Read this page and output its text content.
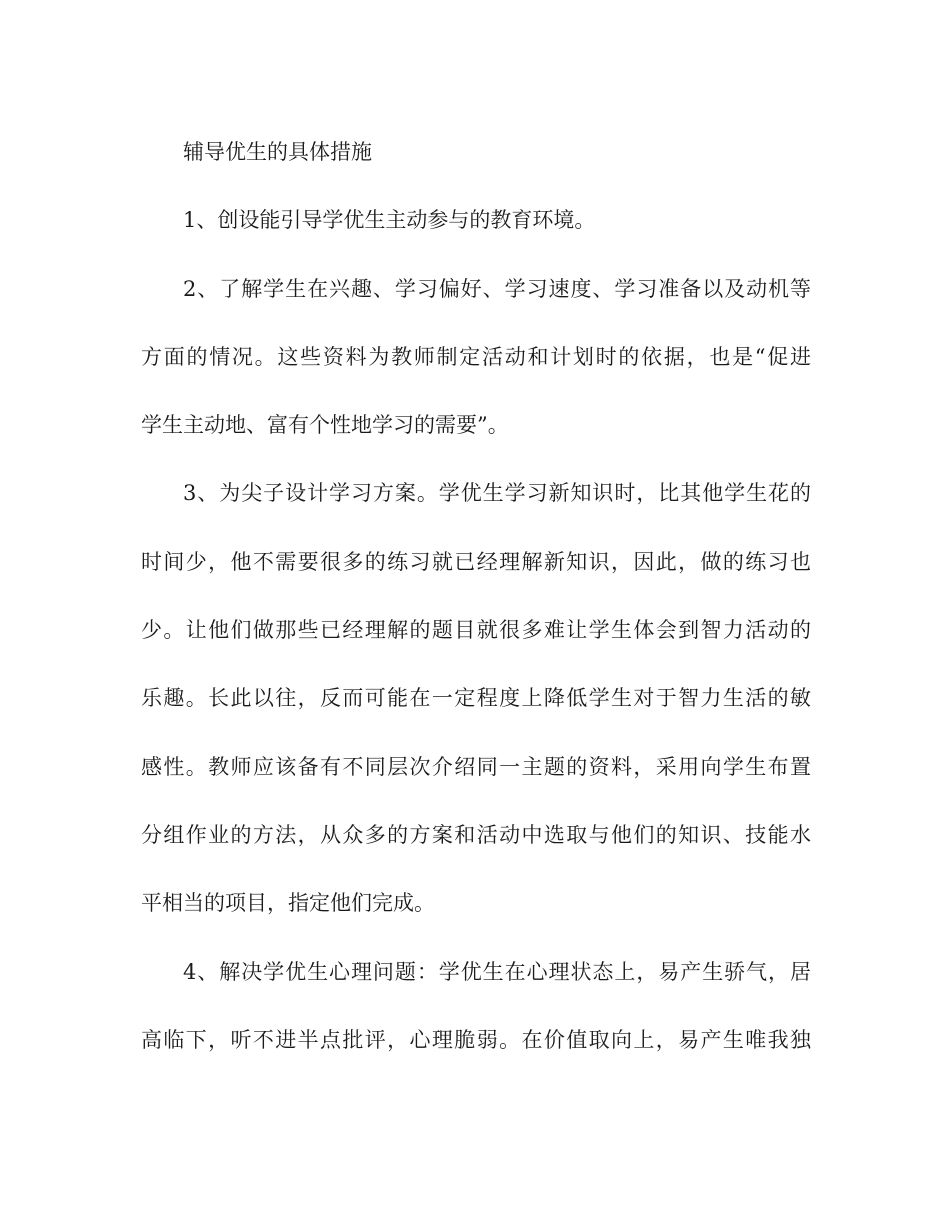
辅导优生的具体措施
1、创设能引导学优生主动参与的教育环境。
2、了解学生在兴趣、学习偏好、学习速度、学习准备以及动机等
方面的情况。这些资料为教师制定活动和计划时的依据，也是“促进
学生主动地、富有个性地学习的需要”。
3、为尖子设计学习方案。学优生学习新知识时，比其他学生花的
时间少，他不需要很多的练习就已经理解新知识，因此，做的练习也
少。让他们做那些已经理解的题目就很多难让学生体会到智力活动的
乐趣。长此以往，反而可能在一定程度上降低学生对于智力生活的敏
感性。教师应该备有不同层次介绍同一主题的资料，采用向学生布置
分组作业的方法，从众多的方案和活动中选取与他们的知识、技能水
平相当的项目，指定他们完成。
4、解决学优生心理问题：学优生在心理状态上，易产生骄气，居
高临下，听不进半点批评，心理脆弱。在价值取向上，易产生唯我独
